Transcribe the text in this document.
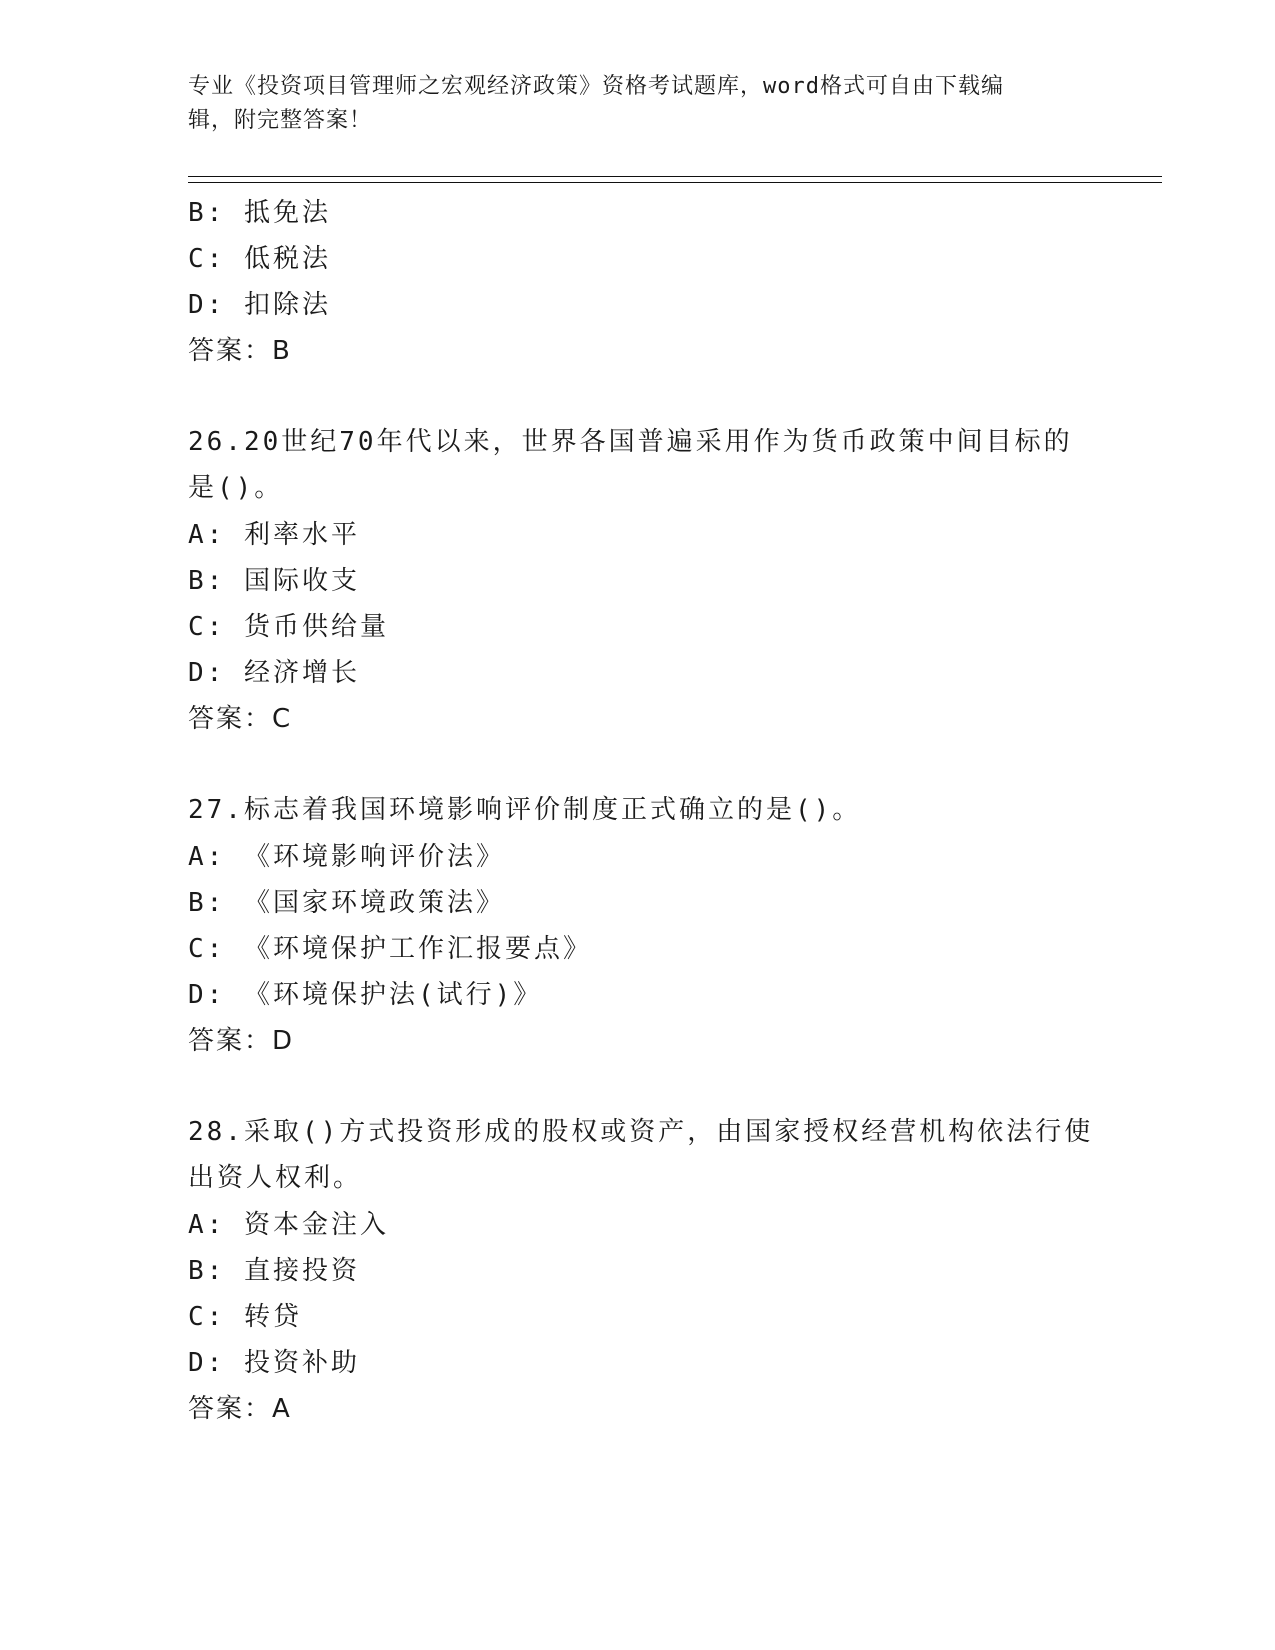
专业《投资项目管理师之宏观经济政策》资格考试题库，word格式可自由下载编
辑，附完整答案！
B: 抵免法
C: 低税法
D: 扣除法
答案：B
26.20世纪70年代以来，世界各国普遍采用作为货币政策中间目标的
是()。
A: 利率水平
B: 国际收支
C: 货币供给量
D: 经济增长
答案：C
27.标志着我国环境影响评价制度正式确立的是()。
A: 《环境影响评价法》
B: 《国家环境政策法》
C: 《环境保护工作汇报要点》
D: 《环境保护法(试行)》
答案：D
28.采取()方式投资形成的股权或资产，由国家授权经营机构依法行使
出资人权利。
A: 资本金注入
B: 直接投资
C: 转贷
D: 投资补助
答案：A
